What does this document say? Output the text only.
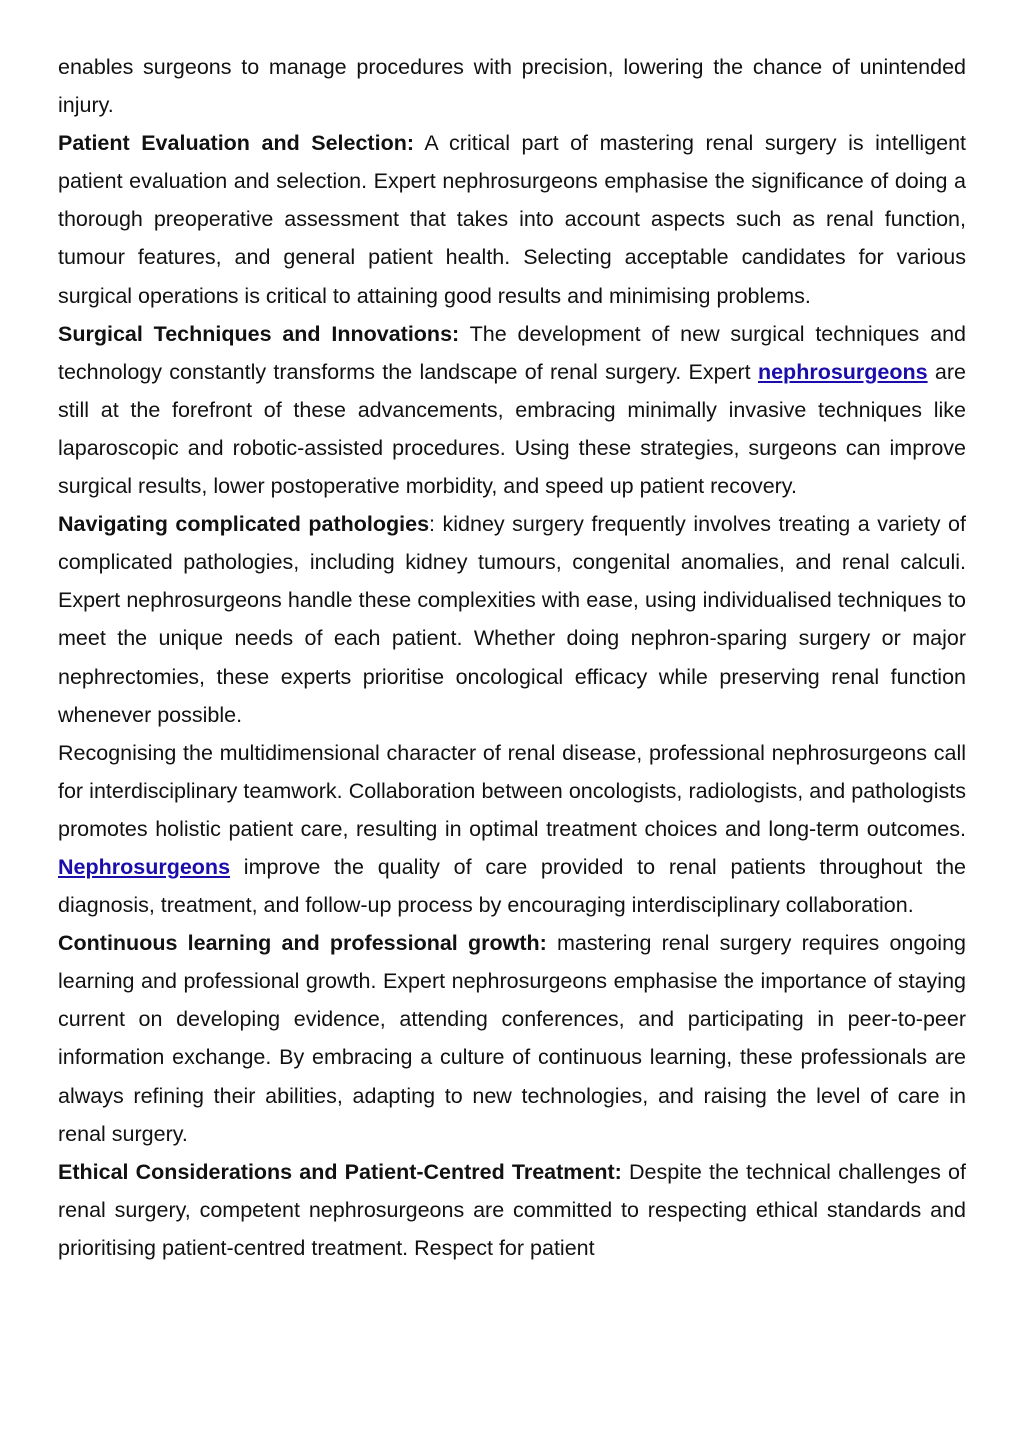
enables surgeons to manage procedures with precision, lowering the chance of unintended injury.

Patient Evaluation and Selection: A critical part of mastering renal surgery is intelligent patient evaluation and selection. Expert nephrosurgeons emphasise the significance of doing a thorough preoperative assessment that takes into account aspects such as renal function, tumour features, and general patient health. Selecting acceptable candidates for various surgical operations is critical to attaining good results and minimising problems.

Surgical Techniques and Innovations: The development of new surgical techniques and technology constantly transforms the landscape of renal surgery. Expert nephrosurgeons are still at the forefront of these advancements, embracing minimally invasive techniques like laparoscopic and robotic-assisted procedures. Using these strategies, surgeons can improve surgical results, lower postoperative morbidity, and speed up patient recovery.

Navigating complicated pathologies: kidney surgery frequently involves treating a variety of complicated pathologies, including kidney tumours, congenital anomalies, and renal calculi. Expert nephrosurgeons handle these complexities with ease, using individualised techniques to meet the unique needs of each patient. Whether doing nephron-sparing surgery or major nephrectomies, these experts prioritise oncological efficacy while preserving renal function whenever possible.

Recognising the multidimensional character of renal disease, professional nephrosurgeons call for interdisciplinary teamwork. Collaboration between oncologists, radiologists, and pathologists promotes holistic patient care, resulting in optimal treatment choices and long-term outcomes. Nephrosurgeons improve the quality of care provided to renal patients throughout the diagnosis, treatment, and follow-up process by encouraging interdisciplinary collaboration.

Continuous learning and professional growth: mastering renal surgery requires ongoing learning and professional growth. Expert nephrosurgeons emphasise the importance of staying current on developing evidence, attending conferences, and participating in peer-to-peer information exchange. By embracing a culture of continuous learning, these professionals are always refining their abilities, adapting to new technologies, and raising the level of care in renal surgery.

Ethical Considerations and Patient-Centred Treatment: Despite the technical challenges of renal surgery, competent nephrosurgeons are committed to respecting ethical standards and prioritising patient-centred treatment. Respect for patient
